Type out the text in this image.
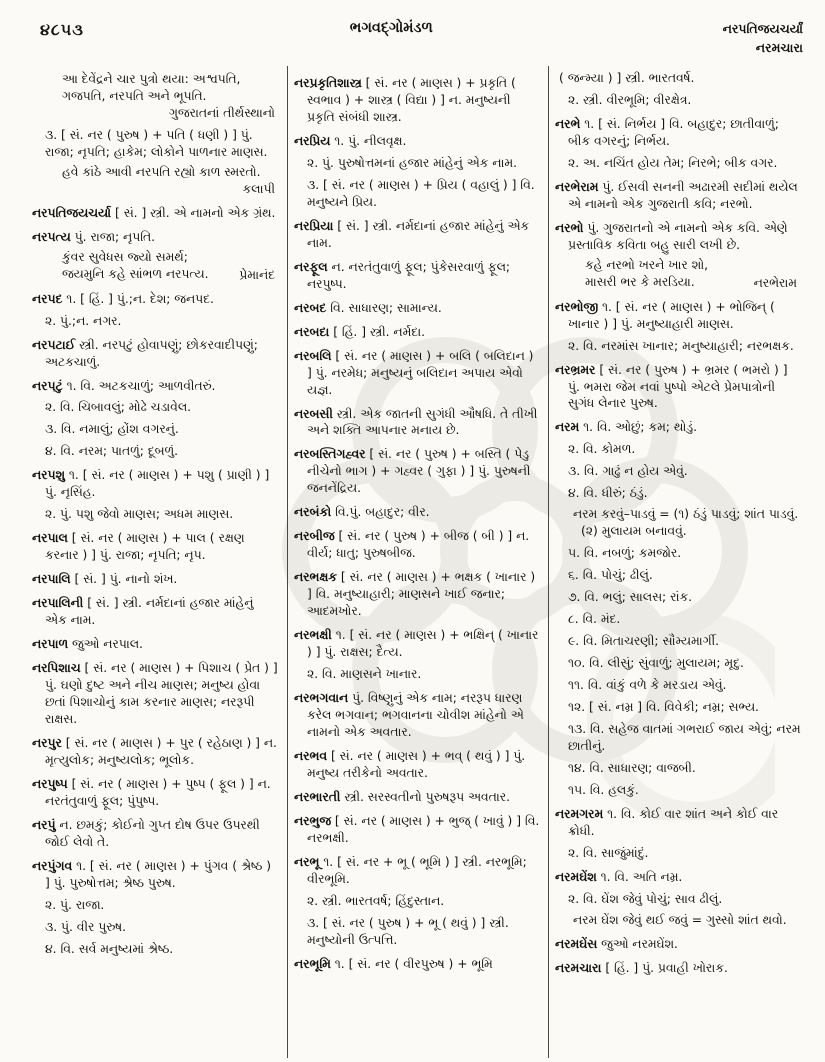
૪૮૫૩	ભગવદ્ગોમંડળ	નરપતિજયચર્યાં
નરમચારા
આ દેવેંદ્રને ચાર પુત્રો થયા: અશ્વપતિ,
ગજપતિ, નરપતિ અને ભૂપતિ.
ગુજરાતનાં તીર્થસ્થાનો
૩. [ સં. નર ( પુરુષ ) + પતિ ( ધણી ) ] પું. રાજા; નૃપતિ; હાકેમ; લોકોને પાળનાર માણસ.
હવે કાંઠે આવી નરપતિ રહ્યો કાળ સ્મરતો.
કલાપી
નરપતિજયચર્યા [ સં. ] સ્ત્રી. એ નામનો એક ગ્રંથ.
નરપત્ય પું. રાજા; નૃપતિ.
કુંવર સુવેધસ જ્યો સમર્થ;
જયમુનિ કહે સાંભળ નરપત્ય.	પ્રેમાનંદ
નરપદ ૧. [ હિં. ] પું.;ન. દેશ; જનપદ.
૨. પું.;ન. નગર.
નરપટાઈ સ્ત્રી. નરપટું હોવાપણું; છોકરવાદીપણું; અટકચાળું.
નરપટું ૧. વિ. અટકચાળું; આળવીતરું.
૨. વિ. ચિબાવલું; મોઢે ચડાવેલ.
૩. વિ. નમાલું; હોંશ વગરનું.
૪. વિ. નરમ; પાતળું; દૂબળું.
નરપશુ ૧. [ સં. નર ( માણસ ) + પશુ ( પ્રાણી ) ] પું. નૃસિંહ.
૨. પું. પશુ જેવો માણસ; અધમ માણસ.
નરપાલ [ સં. નર ( માણસ ) + પાલ ( રક્ષણ કરનાર ) ] પું. રાજા; નૃપતિ; નૃપ.
નરપાલિ [ સં. ] પું. નાનો શંખ.
નરપાલિની [ સં. ] સ્ત્રી. નર્મદાનાં હજાર માંહેનું એક નામ.
નરપાળ જુઓ નરપાલ.
નરપિશાચ [ સં. નર ( માણસ ) + પિશાચ ( પ્રેત ) ] પું. ઘણો દુષ્ટ અને નીચ માણસ; મનુષ્ય હોવા છતાં પિશાચોનું કામ કરનાર માણસ; નરરૂપી રાક્ષસ.
નરપુર [ સં. નર ( માણસ ) + પુર ( રહેઠાણ ) ] ન. મૃત્યુલોક; મનુષ્યલોક; ભૂલોક.
નરપુષ્પ [ સં. નર ( માણસ ) + પુષ્પ ( ફૂલ ) ] ન. નરતંતુવાળું ફૂલ; પુંપુષ્પ.
નરપું ન. છમકું; કોઈનો ગુપ્ત દોષ ઉપર ઉપરથી જોઈ લેવો તે.
નરપુંગવ ૧. [ સં. નર ( માણસ ) + પુંગવ ( શ્રેષ્ઠ ) ] પું. પુરુષોત્તમ; શ્રેષ્ઠ પુરુષ.
૨. પું. રાજા.
૩. પું. વીર પુરુષ.
૪. વિ. સર્વ મનુષ્યમાં શ્રેષ્ઠ.
નરપ્રકૃતિશાસ્ત્ર [ સં. નર ( માણસ ) + પ્રકૃતિ ( સ્વભાવ ) + શાસ્ત્ર ( વિદ્યા ) ] ન. મનુષ્યની પ્રકૃતિ સંબંધી શાસ્ત્ર.
નરપ્રિય ૧. પું. નીલવૃક્ષ.
૨. પું. પુરુષોત્તમનાં હજાર માંહેનું એક નામ.
૩. [ સં. નર ( માણસ ) + પ્રિય ( વહાલું ) ] વિ. મનુષ્યને પ્રિય.
નરપ્રિયા [ સં. ] સ્ત્રી. નર્મદાનાં હજાર માંહેનું એક નામ.
નરફૂલ ન. નરતંતુવાળું ફૂલ; પુંકેસરવાળું ફૂલ; નરપુષ્પ.
નરબદ વિ. સાધારણ; સામાન્ય.
નરબદા [ હિં. ] સ્ત્રી. નર્મદા.
નરબલિ [ સં. નર ( માણસ ) + બલિ ( બલિદાન ) ] પું. નરમેધ; મનુષ્યનું બલિદાન અપાય એવો યજ્ઞ.
નરબસી સ્ત્રી. એક જાતની સુગંધી ઔષધિ. તે તીખી અને શક્તિ આપનાર મનાય છે.
નરબસ્તિગહ્વર [ સં. નર ( પુરુષ ) + બસ્તિ ( પેડુ નીચેનો ભાગ ) + ગહ્વર ( ગુફા ) ] પું. પુરુષની જનનેંદ્રિય.
નરબંકો વિ.પું. બહાદુર; વીર.
નરબીજ [ સં. નર ( પુરુષ ) + બીજ ( બી ) ] ન. વીર્ય; ધાતુ; પુરુષબીજ.
નરભક્ષક [ સં. નર ( માણસ ) + ભક્ષક ( ખાનાર ) ] વિ. મનુષ્યાહારી; માણસને ખાઈ જનાર; આદમખોર.
નરભક્ષી ૧. [ સં. નર ( માણસ ) + ભક્ષિન્ ( ખાનાર ) ] પું. રાક્ષસ; દૈત્ય.
૨. વિ. માણસને ખાનાર.
નરભગવાન પું. વિષ્ણુનું એક નામ; નરરૂપ ધારણ કરેલ ભગવાન; ભગવાનના ચોવીશ માંહેનો એ નામનો એક અવતાર.
નરભવ [ સં. નર ( માણસ ) + ભવ્ ( થવું ) ] પું. મનુષ્ય તરીકેનો અવતાર.
નરભારતી સ્ત્રી. સરસ્વતીનો પુરુષરૂપ અવતાર.
નરભુજ [ સં. નર ( માણસ ) + ભુજ્ ( ખાવું ) ] વિ. નરભક્ષી.
નરભૂ ૧. [ સં. નર + ભૂ ( ભૂમિ ) ] સ્ત્રી. નરભૂમિ; વીરભૂમિ.
૨. સ્ત્રી. ભારતવર્ષ; હિંદુસ્તાન.
૩. [ સં. નર ( પુરુષ ) + ભૂ ( થવું ) ] સ્ત્રી. મનુષ્યોની ઉત્પત્તિ.
નરભૂમિ ૧. [ સં. નર ( વીરપુરુષ ) + ભૂમિ
( જન્મ્યા ) ] સ્ત્રી. ભારતવર્ષ.
૨. સ્ત્રી. વીરભૂમિ; વીરક્ષેત્ર.
નરભે ૧. [ સં. નિર્ભય ] વિ. બહાદુર; છાતીવાળું; બીક વગરનું; નિર્ભય.
૨. અ. નચિંત હોય તેમ; નિરભે; બીક વગર.
નરભેરામ પું. ઈસવી સનની અઢારમી સદીમાં થયેલ એ નામનો એક ગુજરાતી કવિ; નરભો.
નરભો પું. ગુજરાતનો એ નામનો એક કવિ. એણે પ્રસ્તાવિક કવિતા બહુ સારી લખી છે.
કહે નરભો ખરને ખાર શો,
માસરી ભર કે મરડિયા.	નરભેરામ
નરભોજી ૧. [ સં. નર ( માણસ ) + ભોજિન્ ( ખાનાર ) ] પું. મનુષ્યાહારી માણસ.
૨. વિ. નરમાંસ ખાનાર; મનુષ્યાહારી; નરભક્ષક.
નરભ્રમર [ સં. નર ( પુરુષ ) + ભ્રમર ( ભમરો ) ] પું. ભમરા જેમ નવાં પુષ્પો એટલે પ્રેમપાત્રોની સુગંધ લેનાર પુરુષ.
નરમ ૧. વિ. ઓછું; કમ; થોડું.
૨. વિ. કોમળ.
૩. વિ. ગાઢું ન હોય એવું.
૪. વિ. ધીરું; ઠંડું.
નરમ કરવું–પાડવું = (૧) ઠંડું પાડવું; શાંત પાડવું. (૨) મુલાયમ બનાવવું.
૫. વિ. નબળું; કમજોર.
૬. વિ. પોચું; ઢીલું.
૭. વિ. ભલું; સાલસ; રાંક.
૮. વિ. મંદ.
૯. વિ. મિતાચરણી; સૌમ્યમાર્ગી.
૧૦. વિ. લીસું; સુંવાળું; મુલાયમ; મૃદુ.
૧૧. વિ. વાંકું વળે કે મરડાય એવું.
૧૨. [ સં. નમ્ર ] વિ. વિવેકી; નમ્ર; સભ્ય.
૧૩. વિ. સહેજ વાતમાં ગભરાઈ જાય એવું; નરમ છાતીનું.
૧૪. વિ. સાધારણ; વાજબી.
૧૫. વિ. હલકું.
નરમગરમ ૧. વિ. કોઈ વાર શાંત અને કોઈ વાર ક્રોધી.
૨. વિ. સાજુંમાંદું.
નરમઘેંશ ૧. વિ. અતિ નમ્ર.
૨. વિ. ઘેંશ જેવું પોચું; સાવ ઢીલું.
નરમ ઘેંશ જેવું થઈ જવું = ગુસ્સો શાંત થવો.
નરમઘેંસ જુઓ નરમઘેંશ.
નરમચારા [ હિં. ] પું. પ્રવાહી ખોરાક.
